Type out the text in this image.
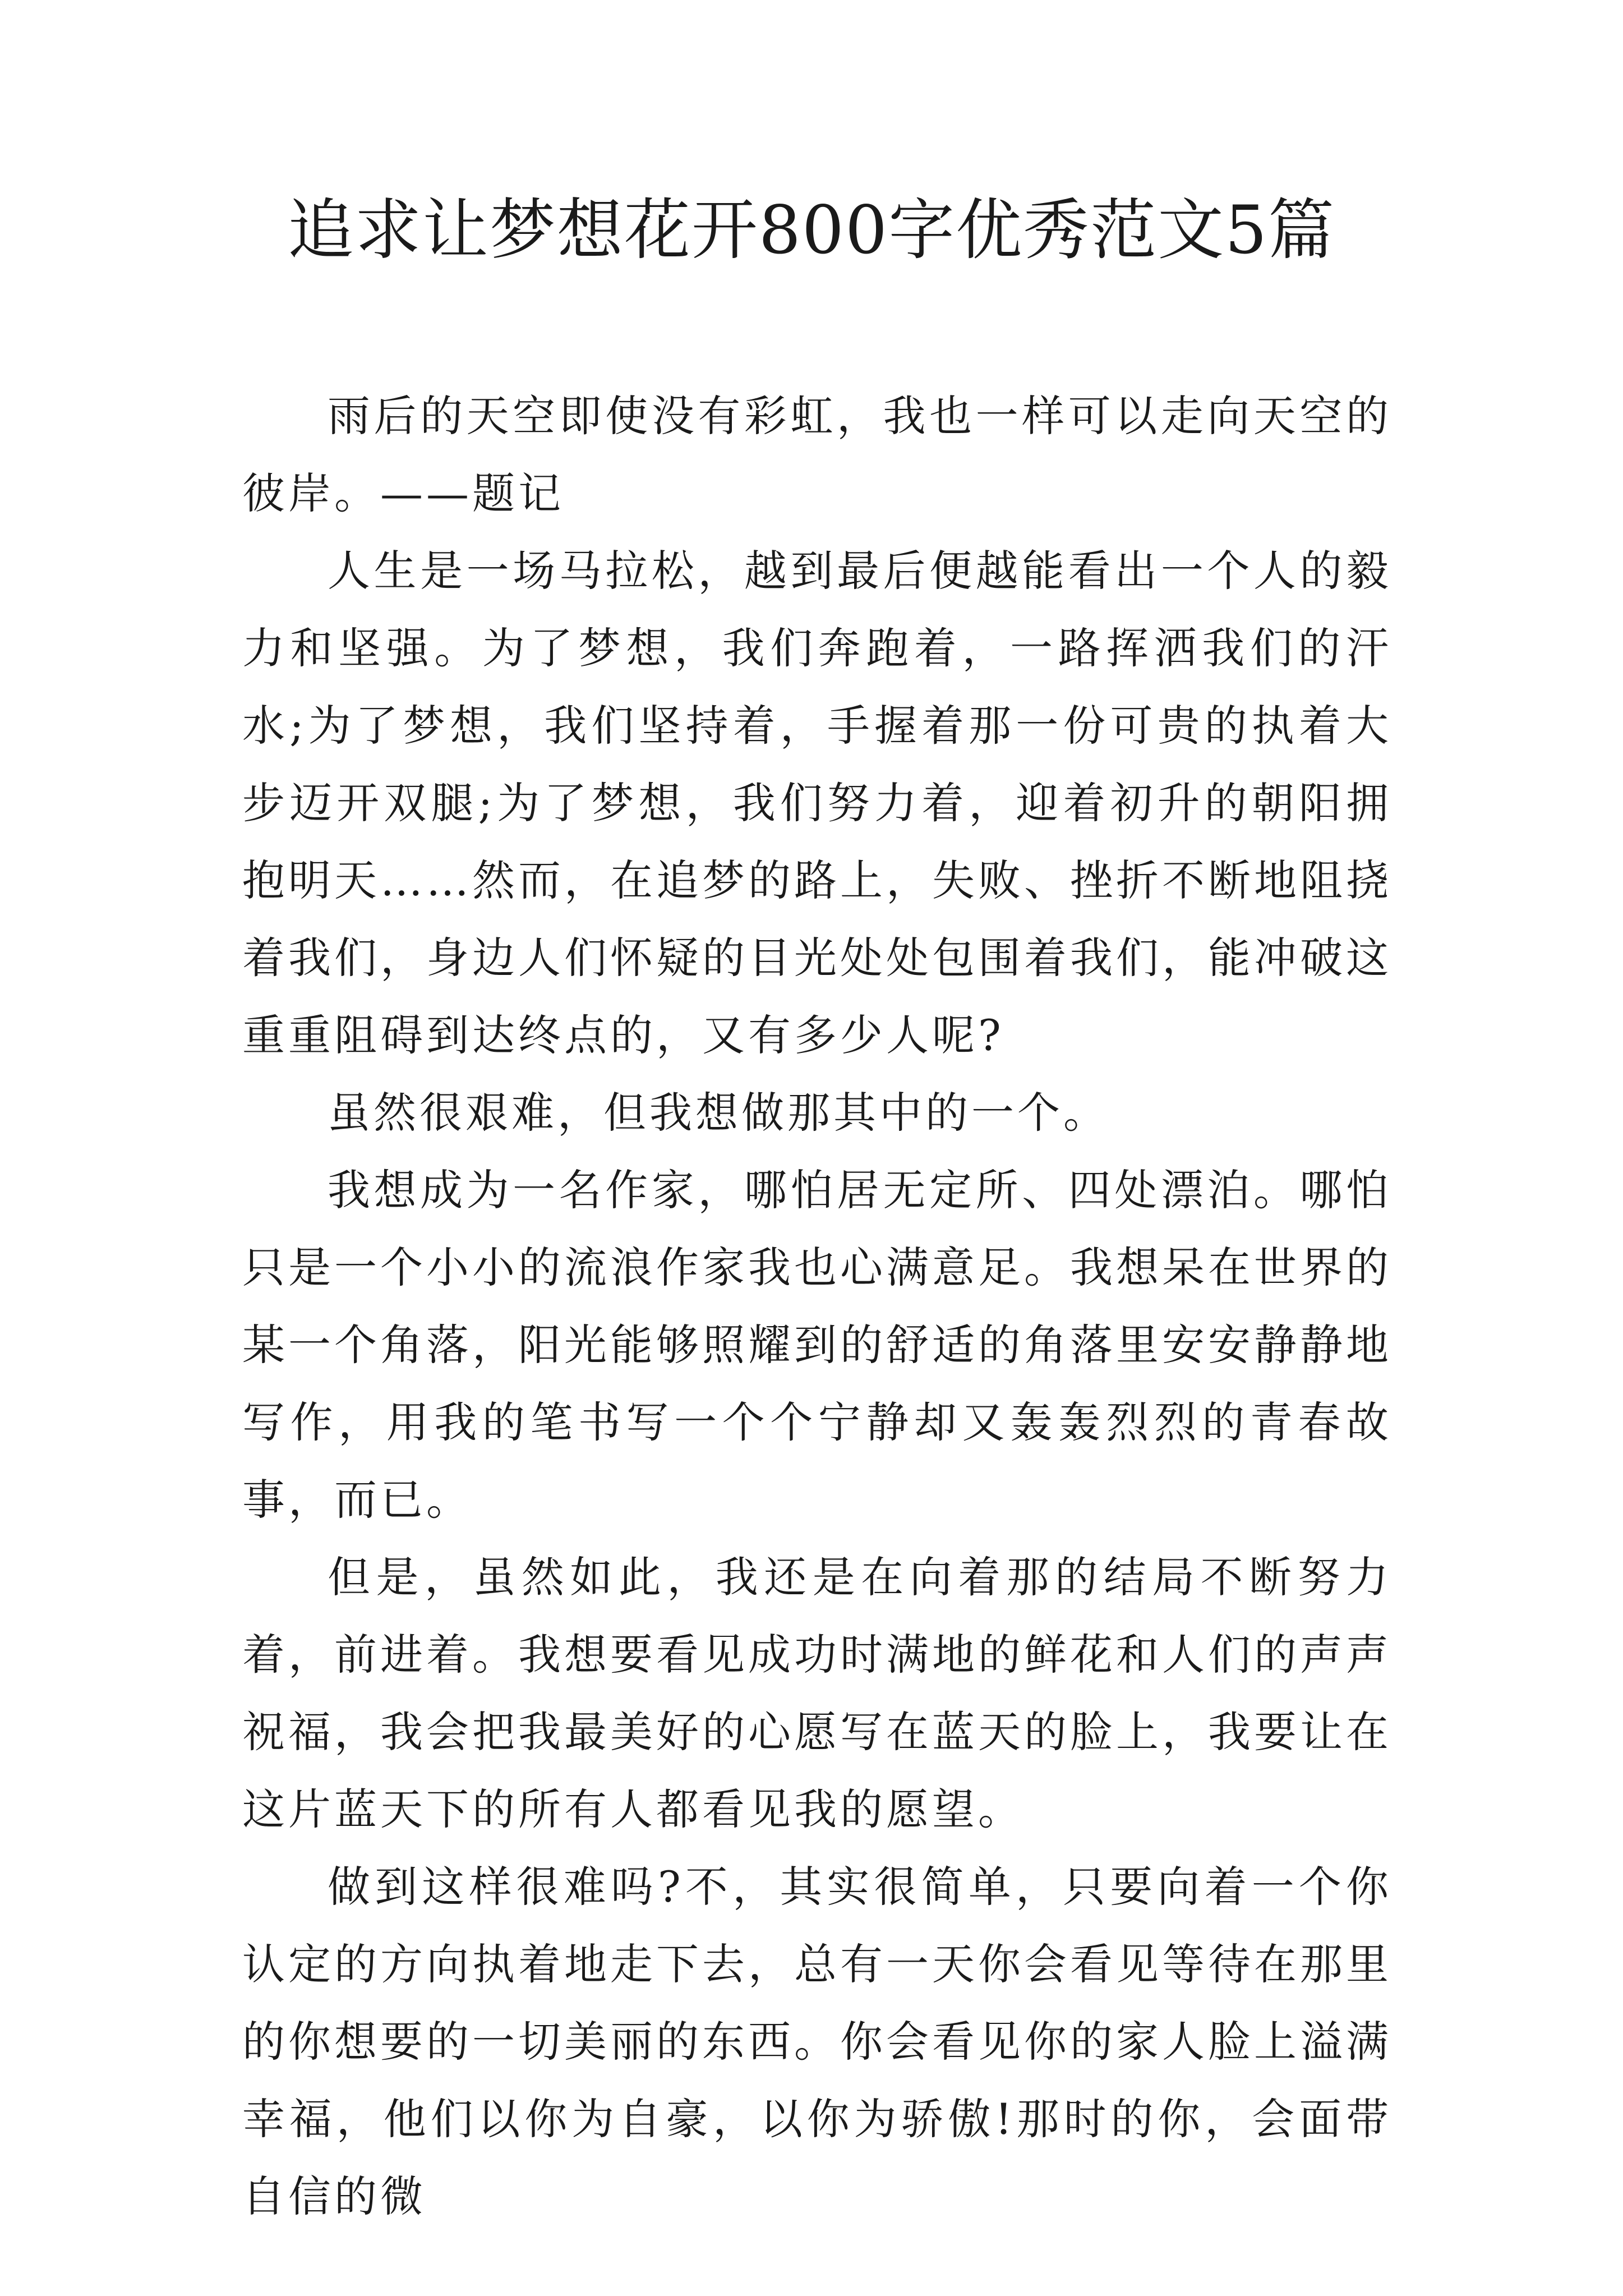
追求让梦想花开800字优秀范文5篇

雨后的天空即使没有彩虹，我也一样可以走向天空的彼岸。——题记

人生是一场马拉松，越到最后便越能看出一个人的毅力和坚强。为了梦想，我们奔跑着，一路挥洒我们的汗水;为了梦想，我们坚持着，手握着那一份可贵的执着大步迈开双腿;为了梦想，我们努力着，迎着初升的朝阳拥抱明天……然而，在追梦的路上，失败、挫折不断地阻挠着我们，身边人们怀疑的目光处处包围着我们，能冲破这重重阻碍到达终点的，又有多少人呢?

虽然很艰难，但我想做那其中的一个。

我想成为一名作家，哪怕居无定所、四处漂泊。哪怕只是一个小小的流浪作家我也心满意足。我想呆在世界的某一个角落，阳光能够照耀到的舒适的角落里安安静静地写作，用我的笔书写一个个宁静却又轰轰烈烈的青春故事，而已。

但是，虽然如此，我还是在向着那的结局不断努力着，前进着。我想要看见成功时满地的鲜花和人们的声声祝福，我会把我最美好的心愿写在蓝天的脸上，我要让在这片蓝天下的所有人都看见我的愿望。

做到这样很难吗?不，其实很简单，只要向着一个你认定的方向执着地走下去，总有一天你会看见等待在那里的你想要的一切美丽的东西。你会看见你的家人脸上溢满幸福，他们以你为自豪，以你为骄傲!那时的你，会面带自信的微
